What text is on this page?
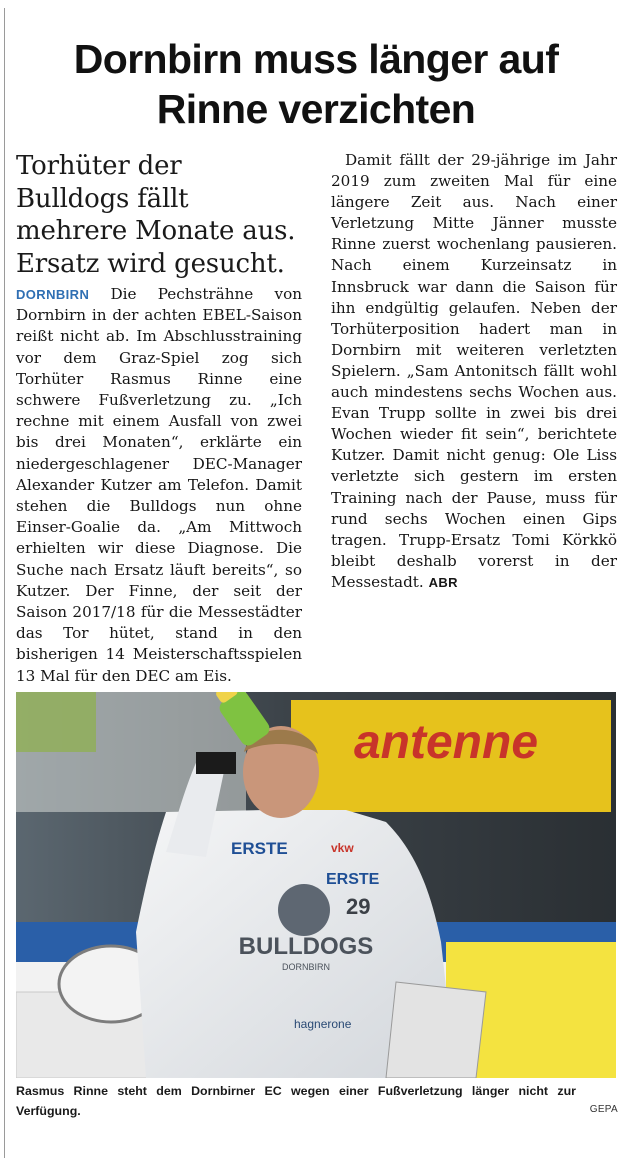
Dornbirn muss länger auf
Rinne verzichten
Torhüter der Bulldogs fällt mehrere Monate aus. Ersatz wird gesucht.

DORNBIRN Die Pechsträhne von Dornbirn in der achten EBEL-Saison reißt nicht ab. Im Abschlusstraining vor dem Graz-Spiel zog sich Torhüter Rasmus Rinne eine schwere Fußverletzung zu. „Ich rechne mit einem Ausfall von zwei bis drei Monaten“, erklärte ein niedergeschlagener DEC-Manager Alexander Kutzer am Telefon. Damit stehen die Bulldogs nun ohne Einser-Goalie da. „Am Mittwoch erhielten wir diese Diagnose. Die Suche nach Ersatz läuft bereits“, so Kutzer. Der Finne, der seit der Saison 2017/18 für die Messestädter das Tor hütet, stand in den bisherigen 14 Meisterschaftsspielen 13 Mal für den DEC am Eis.

Damit fällt der 29-jährige im Jahr 2019 zum zweiten Mal für eine längere Zeit aus. Nach einer Verletzung Mitte Jänner musste Rinne zuerst wochenlang pausieren. Nach einem Kurzeinsatz in Innsbruck war dann die Saison für ihn endgültig gelaufen. Neben der Torhüterposition hadert man in Dornbirn mit weiteren verletzten Spielern. „Sam Antonitsch fällt wohl auch mindestens sechs Wochen aus. Evan Trupp sollte in zwei bis drei Wochen wieder fit sein“, berichtete Kutzer. Damit nicht genug: Ole Liss verletzte sich gestern im ersten Training nach der Pause, muss für rund sechs Wochen einen Gips tragen. Trupp-Ersatz Tomi Körkkö bleibt deshalb vorerst in der Messestadt. ABR

antenne
ERSTE
ERSTE
vkw
29
BULLDOGS
DORNBIRN
hagnerone

Rasmus Rinne steht dem Dornbirner EC wegen einer Fußverletzung länger nicht zur Verfügung.	GEPA
